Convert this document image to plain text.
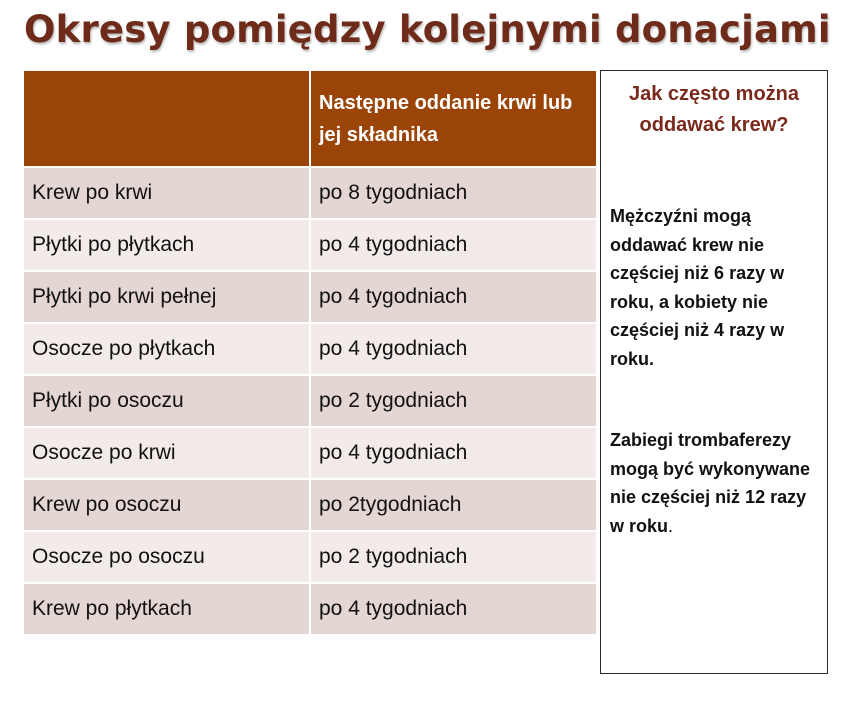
Okresy pomiędzy kolejnymi donacjami
	Następne oddanie krwi lub jej składnika
Krew po krwi	po 8 tygodniach
Płytki po płytkach	po 4 tygodniach
Płytki po krwi pełnej	po 4 tygodniach
Osocze po płytkach	po 4 tygodniach
Płytki po osoczu	po 2 tygodniach
Osocze po krwi	po 4 tygodniach
Krew po osoczu	po 2tygodniach
Osocze po osoczu	po 2 tygodniach
Krew po płytkach	po 4 tygodniach

Jak często można oddawać krew?

Mężczyźni mogą oddawać krew nie częściej niż 6 razy w roku, a kobiety nie częściej niż 4 razy w roku.

Zabiegi trombaferezy mogą być wykonywane nie częściej niż 12 razy w roku.
